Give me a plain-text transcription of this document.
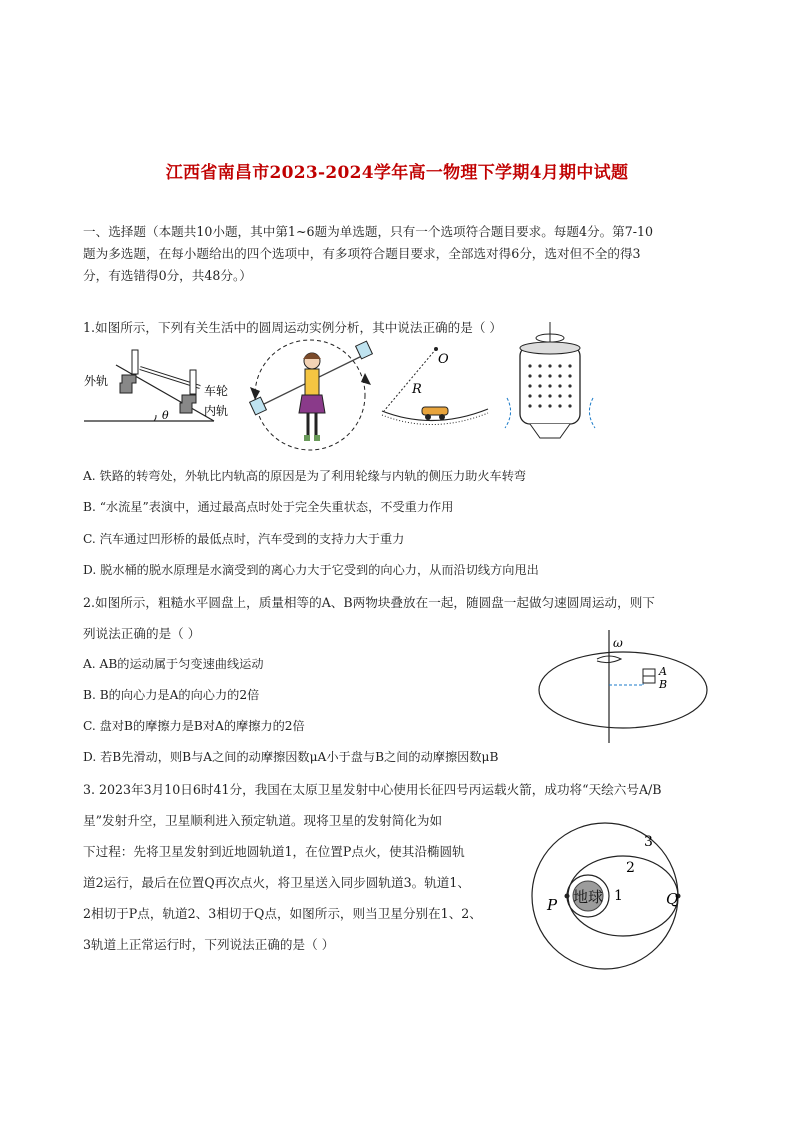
江西省南昌市2023-2024学年高一物理下学期4月期中试题
一、选择题（本题共10小题，其中第1~6题为单选题，只有一个选项符合题目要求。每题4分。第7-10
题为多选题，在每小题给出的四个选项中，有多项符合题目要求，全部选对得6分，选对但不全的得3
分，有选错得0分，共48分。）
1.如图所示，下列有关生活中的圆周运动实例分析，其中说法正确的是（ ）
外轨
车轮
内轨
θ
O
R
A. 铁路的转弯处，外轨比内轨高的原因是为了利用轮缘与内轨的侧压力助火车转弯
B. “水流星”表演中，通过最高点时处于完全失重状态，不受重力作用
C. 汽车通过凹形桥的最低点时，汽车受到的支持力大于重力
D. 脱水桶的脱水原理是水滴受到的离心力大于它受到的向心力，从而沿切线方向甩出
2.如图所示，粗糙水平圆盘上，质量相等的A、B两物块叠放在一起，随圆盘一起做匀速圆周运动，则下
列说法正确的是（ ）
ω
A
B
A. AB的运动属于匀变速曲线运动
B. B的向心力是A的向心力的2倍
C. 盘对B的摩擦力是B对A的摩擦力的2倍
D. 若B先滑动，则B与A之间的动摩擦因数μA小于盘与B之间的动摩擦因数μB
3. 2023年3月10日6时41分，我国在太原卫星发射中心使用长征四号丙运载火箭，成功将“天绘六号A/B
星”发射升空，卫星顺利进入预定轨道。现将卫星的发射简化为如
下过程：先将卫星发射到近地圆轨道1，在位置P点火，使其沿椭圆轨
道2运行，最后在位置Q再次点火，将卫星送入同步圆轨道3。轨道1、
2相切于P点，轨道2、3相切于Q点，如图所示，则当卫星分别在1、2、
3轨道上正常运行时，下列说法正确的是（ ）
地球
P	Q
1
2
3
